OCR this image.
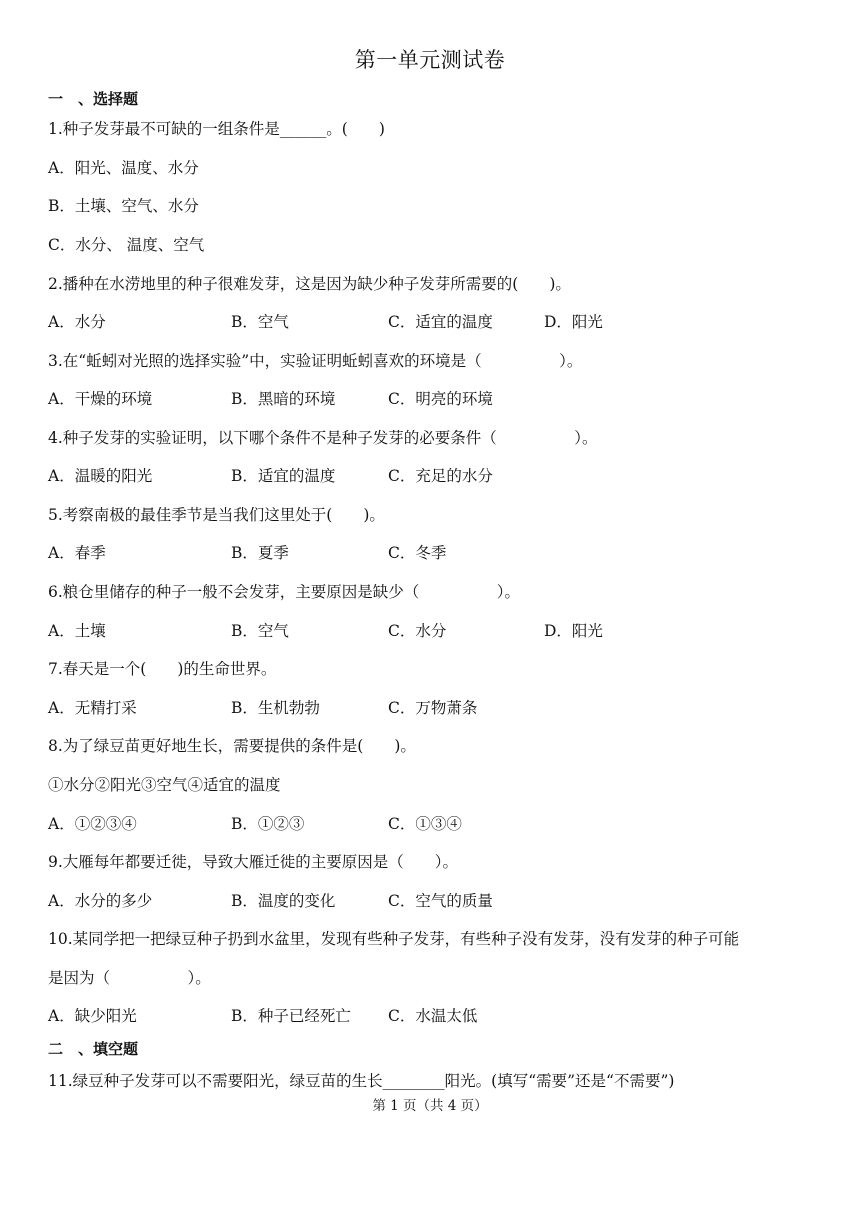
第一单元测试卷
一　、选择题
1.种子发芽最不可缺的一组条件是______。(　　)
A．阳光、温度、水分
B．土壤、空气、水分
C．水分、 温度、空气
2.播种在水涝地里的种子很难发芽，这是因为缺少种子发芽所需要的(　　)。

A．水分

	B．空气

	C．适宜的温度

	D．阳光

3.在“蚯蚓对光照的选择实验”中，实验证明蚯蚓喜欢的环境是（　　　　　）。

A．干燥的环境

	B．黑暗的环境

	C．明亮的环境

4.种子发芽的实验证明，以下哪个条件不是种子发芽的必要条件（　　　　　）。

A．温暖的阳光

	B．适宜的温度

	C．充足的水分

5.考察南极的最佳季节是当我们这里处于(　　)。

A．春季

	B．夏季

	C．冬季

6.粮仓里储存的种子一般不会发芽，主要原因是缺少（　　　　　）。

A．土壤

	B．空气

	C．水分

	D．阳光

7.春天是一个(　　)的生命世界。

A．无精打采

	B．生机勃勃

	C．万物萧条

8.为了绿豆苗更好地生长，需要提供的条件是(　　)。
①水分②阳光③空气④适宜的温度

A．①②③④

	B．①②③

	C．①③④

9.大雁每年都要迁徙，导致大雁迁徙的主要原因是（　　）。

A．水分的多少

	B．温度的变化

	C．空气的质量

10.某同学把一把绿豆种子扔到水盆里，发现有些种子发芽，有些种子没有发芽，没有发芽的种子可能
是因为（　　　　　）。

A．缺少阳光

	B．种子已经死亡

C．水温太低

二　、填空题
11.绿豆种子发芽可以不需要阳光，绿豆苗的生长________阳光。(填写“需要”还是“不需要”)
第 1 页（共 4 页）
